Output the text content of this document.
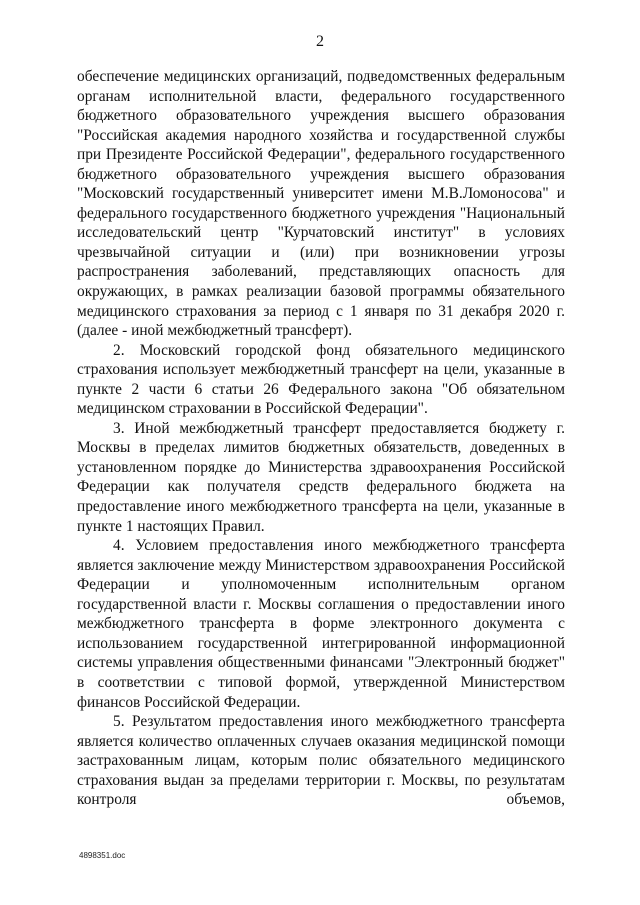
2

обеспечение медицинских организаций, подведомственных федеральным органам исполнительной власти, федерального государственного бюджетного образовательного учреждения высшего образования "Российская академия народного хозяйства и государственной службы при Президенте Российской Федерации", федерального государственного бюджетного образовательного учреждения высшего образования "Московский государственный университет имени М.В.Ломоносова" и федерального государственного бюджетного учреждения "Национальный исследовательский центр "Курчатовский институт" в условиях чрезвычайной ситуации и (или) при возникновении угрозы распространения заболеваний, представляющих опасность для окружающих, в рамках реализации базовой программы обязательного медицинского страхования за период с 1 января по 31 декабря 2020 г. (далее - иной межбюджетный трансферт).

2. Московский городской фонд обязательного медицинского страхования использует межбюджетный трансферт на цели, указанные в пункте 2 части 6 статьи 26 Федерального закона "Об обязательном медицинском страховании в Российской Федерации".

3. Иной межбюджетный трансферт предоставляется бюджету г. Москвы в пределах лимитов бюджетных обязательств, доведенных в установленном порядке до Министерства здравоохранения Российской Федерации как получателя средств федерального бюджета на предоставление иного межбюджетного трансферта на цели, указанные в пункте 1 настоящих Правил.

4. Условием предоставления иного межбюджетного трансферта является заключение между Министерством здравоохранения Российской Федерации и уполномоченным исполнительным органом государственной власти г. Москвы соглашения о предоставлении иного межбюджетного трансферта в форме электронного документа с использованием государственной интегрированной информационной системы управления общественными финансами "Электронный бюджет" в соответствии с типовой формой, утвержденной Министерством финансов Российской Федерации.

5. Результатом предоставления иного межбюджетного трансферта является количество оплаченных случаев оказания медицинской помощи застрахованным лицам, которым полис обязательного медицинского страхования выдан за пределами территории г. Москвы, по результатам контроля объемов,

4898351.doc
